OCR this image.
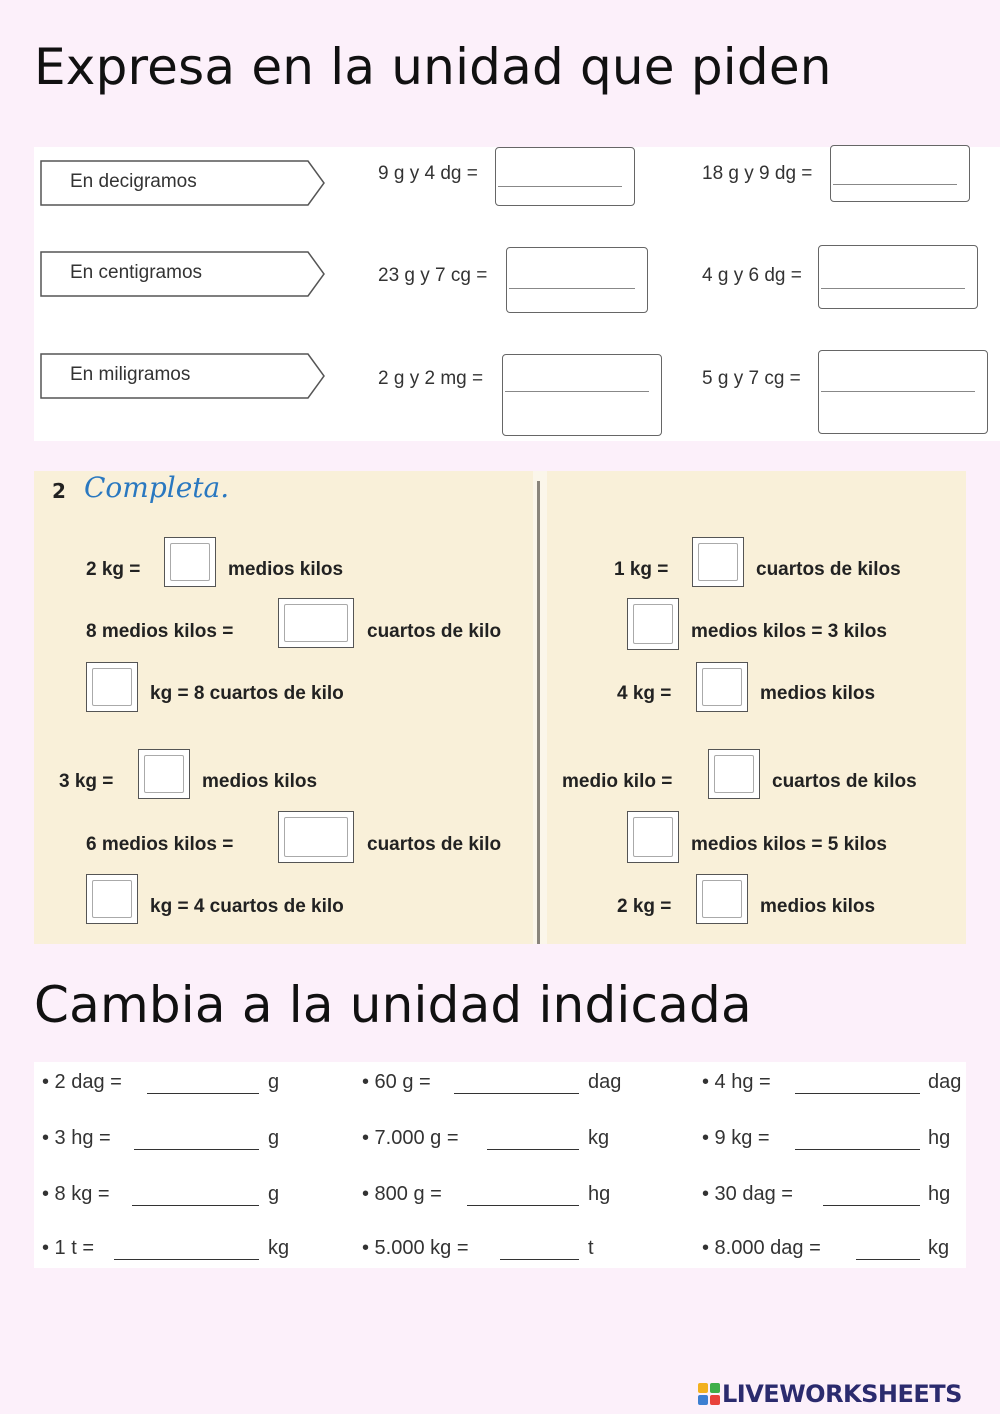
Expresa en la unidad que piden
En decigramos	9 g y 4 dg =	18 g y 9 dg =
En centigramos	23 g y 7 cg =	4 g y 6 dg =
En miligramos	2 g y 2 mg =	5 g y 7 cg =
2 Completa.
2 kg =	medios kilos
8 medios kilos =	cuartos de kilo
kg = 8 cuartos de kilo
3 kg =	medios kilos
6 medios kilos =	cuartos de kilo
kg = 4 cuartos de kilo
1 kg =	cuartos de kilos
medios kilos = 3 kilos
4 kg =	medios kilos
medio kilo =	cuartos de kilos
medios kilos = 5 kilos
2 kg =	medios kilos
Cambia a la unidad indicada
• 2 dag =	g	• 60 g =	dag	• 4 hg =	dag
• 3 hg =	g	• 7.000 g =	kg	• 9 kg =	hg
• 8 kg =	g	• 800 g =	hg	• 30 dag =	hg
• 1 t =	kg	• 5.000 kg =	t	• 8.000 dag =	kg
LIVEWORKSHEETS
